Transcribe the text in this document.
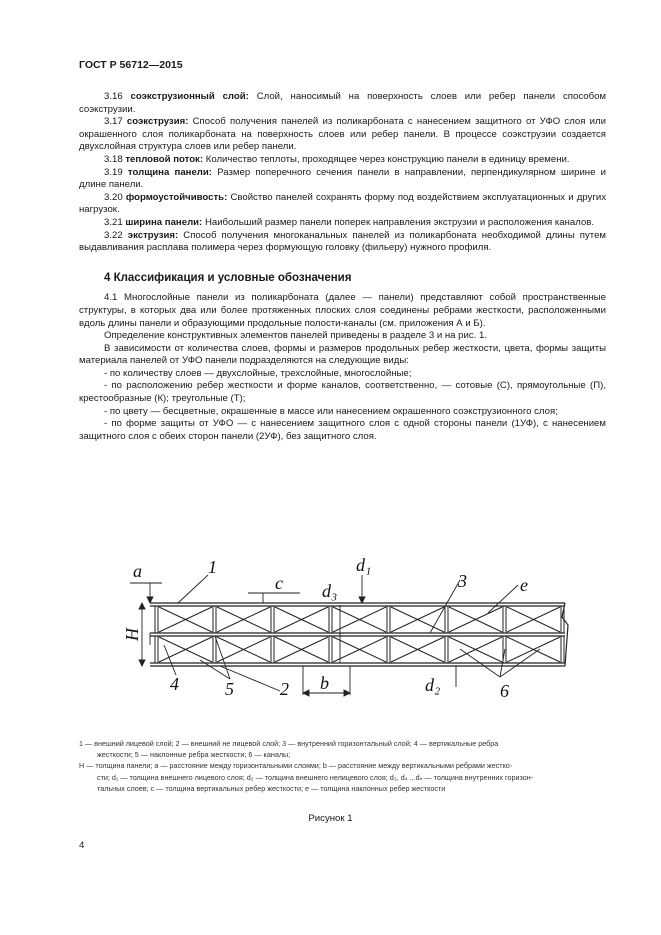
ГОСТ Р 56712—2015

3.16 соэкструзионный слой: Слой, наносимый на поверхность слоев или ребер панели способом соэкструзии.

3.17 соэкструзия: Способ получения панелей из поликарбоната с нанесением защитного от УФО слоя или окрашенного слоя поликарбоната на поверхность слоев или ребер панели. В процессе соэкструзии создается двухслойная структура слоев или ребер панели.

3.18 тепловой поток: Количество теплоты, проходящее через конструкцию панели в единицу времени.

3.19 толщина панели: Размер поперечного сечения панели в направлении, перпендикулярном ширине и длине панели.

3.20 формоустойчивость: Свойство панелей сохранять форму под воздействием эксплуатационных и других нагрузок.

3.21 ширина панели: Наибольший размер панели поперек направления экструзии и расположения каналов.

3.22 экструзия: Способ получения многоканальных панелей из поликарбоната необходимой длины путем выдавливания расплава полимера через формующую головку (фильеру) нужного профиля.

4 Классификация и условные обозначения

4.1 Многослойные панели из поликарбоната (далее — панели) представляют собой пространственные структуры, в которых два или более протяженных плоских слоя соединены ребрами жесткости, расположенными вдоль длины панели и образующими продольные полости-каналы (см. приложения А и Б).

Определение конструктивных элементов панелей приведены в разделе 3 и на рис. 1.

В зависимости от количества слоев, формы и размеров продольных ребер жесткости, цвета, формы защиты материала панелей от УФО панели подразделяются на следующие виды:

- по количеству слоев — двухслойные, трехслойные, многослойные;

- по расположению ребер жесткости и форме каналов, соответственно, — сотовые (С), прямоугольные (П), крестообразные (К); треугольные (Т);

- по цвету — бесцветные, окрашенные в массе или нанесением окрашенного соэкструзионного слоя;

- по форме защиты от УФО — с нанесением защитного слоя с одной стороны панели (1УФ), с нанесением защитного слоя с обеих сторон панели (2УФ), без защитного слоя.

a	1
c d₃
d₁
3	e
H
4	5	2 b	d₂	6
1 — внешний лицевой слой; 2 — внешний не лицевой слой; 3 — внутренний горизонтальный слой; 4 — вертикальные ребра
жесткости; 5 — наклонные ребра жесткости; 6 — каналы;
H — толщина панели; a — расстояние между горизонтальными слоями; b — расстояние между вертикальными ребрами жестко-
сти; d₁ — толщина внешнего лицевого слоя; d₂ — толщина внешнего нелицевого слоя; d₃, d₄ ...dₙ — толщина внутренних горизон-
тальных слоев; c — толщина вертикальных ребер жесткости; e — толщина наклонных ребер жесткости
Рисунок 1
4
